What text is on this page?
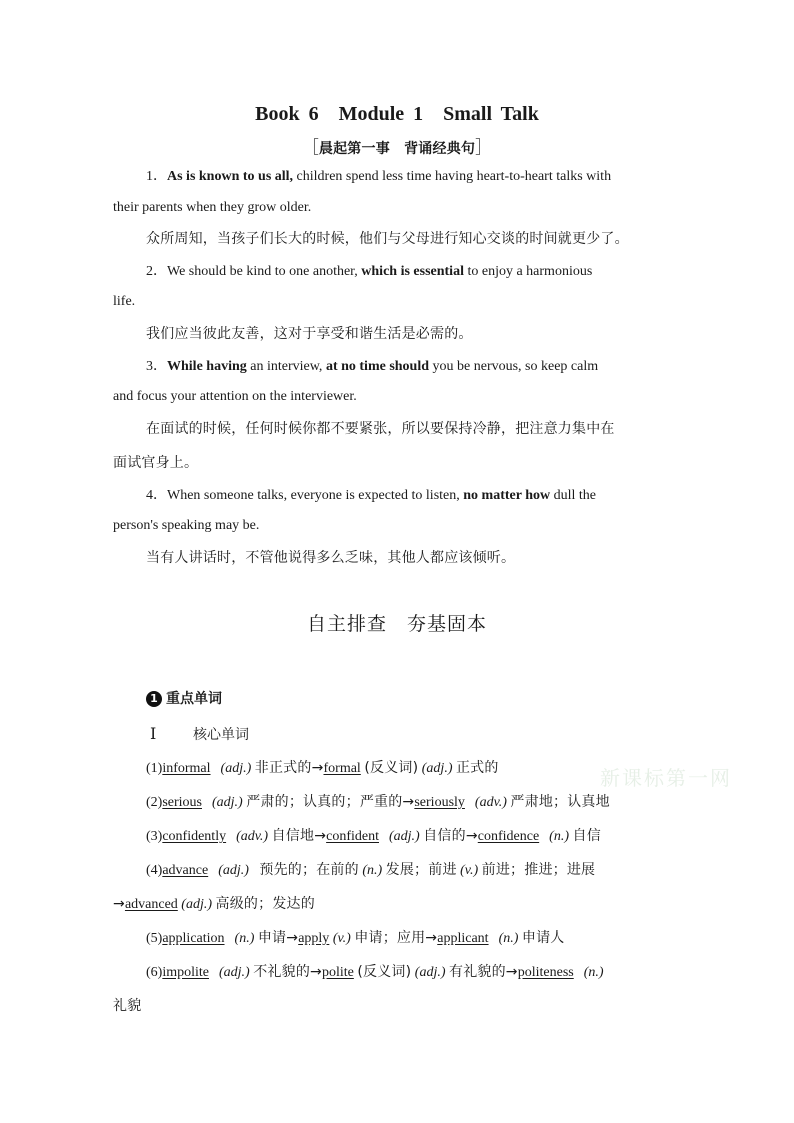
Book 6　Module 1　Small Talk
［晨起第一事　背诵经典句］
1．As is known to us all, children spend less time having heart-to-heart talks with
their parents when they grow older.
众所周知，当孩子们长大的时候，他们与父母进行知心交谈的时间就更少了。
2．We should be kind to one another, which is essential to enjoy a harmonious
life.
我们应当彼此友善，这对于享受和谐生活是必需的。
3．While having an interview, at no time should you be nervous, so keep calm
and focus your attention on the interviewer.
在面试的时候，任何时候你都不要紧张，所以要保持冷静，把注意力集中在
面试官身上。
4．When someone talks, everyone is expected to listen, no matter how dull the
person's speaking may be.
当有人讲话时，不管他说得多么乏味，其他人都应该倾听。
自主排查　夯基固本
1 重点单词
Ⅰ	核心单词
(1)informal (adj.) 非正式的→formal (反义词) (adj.) 正式的
(2)serious (adj.) 严肃的；认真的；严重的→seriously (adv.) 严肃地；认真地
(3)confidently (adv.) 自信地→confident (adj.) 自信的→confidence (n.) 自信
(4)advance (adj.) 预先的；在前的 (n.) 发展；前进 (v.) 前进；推进；进展
→advanced (adj.) 高级的；发达的
(5)application (n.) 申请→apply (v.) 申请；应用→applicant (n.) 申请人
(6)impolite (adj.) 不礼貌的→polite (反义词) (adj.) 有礼貌的→politeness (n.)
礼貌
新课标第一网
